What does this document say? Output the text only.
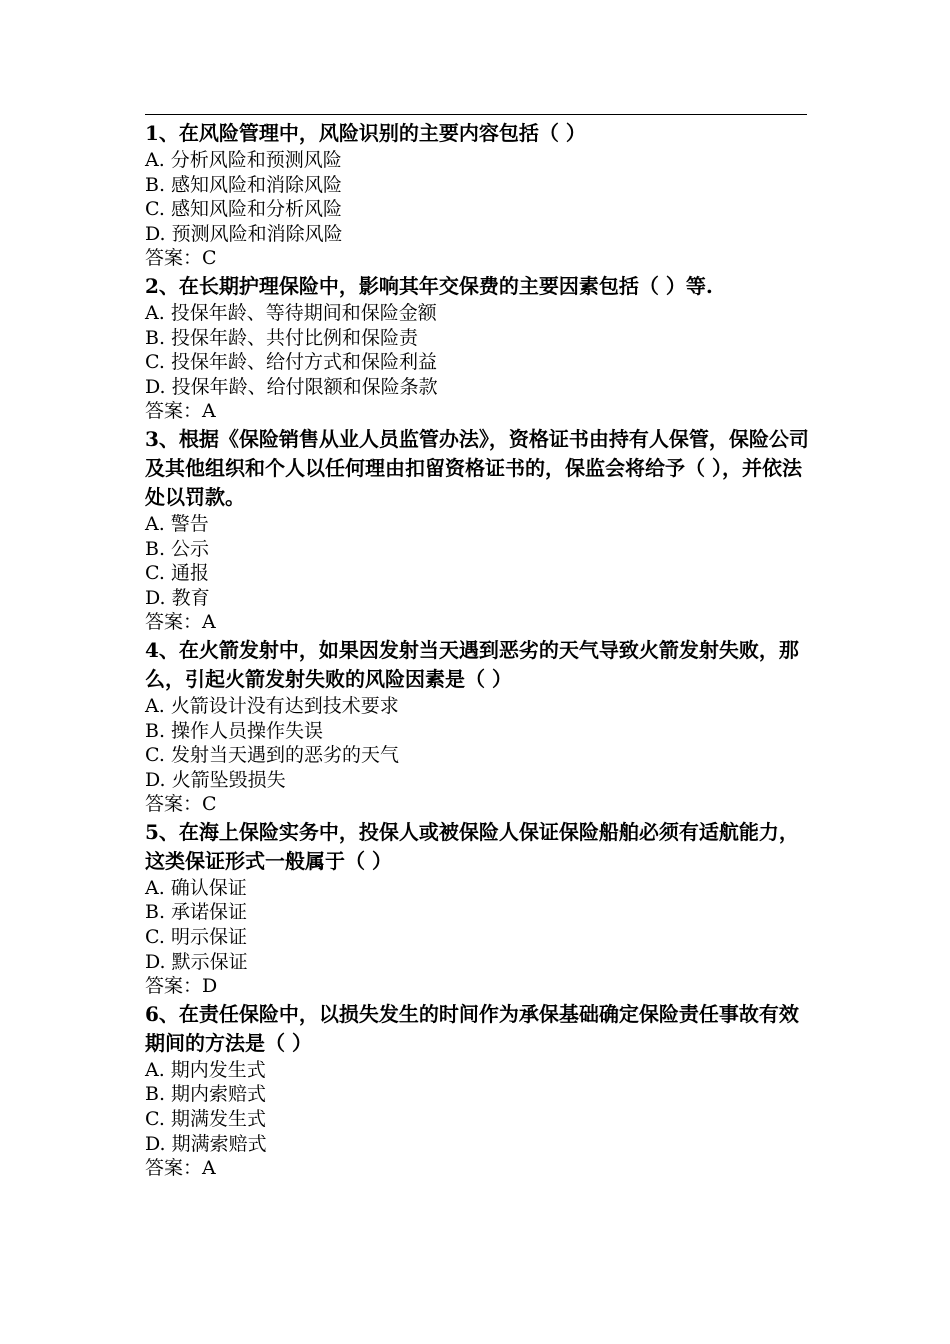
1、在风险管理中，风险识别的主要内容包括（ ）

A. 分析风险和预测风险

B. 感知风险和消除风险

C. 感知风险和分析风险

D. 预测风险和消除风险

答案：C

2、在长期护理保险中，影响其年交保费的主要因素包括（ ）等.

A. 投保年龄、等待期间和保险金额

B. 投保年龄、共付比例和保险责

C. 投保年龄、给付方式和保险利益

D. 投保年龄、给付限额和保险条款

答案：A

3、根据《保险销售从业人员监管办法》，资格证书由持有人保管，保险公司及其他组织和个人以任何理由扣留资格证书的，保监会将给予（ ），并依法处以罚款。

A. 警告

B. 公示

C. 通报

D. 教育

答案：A

4、在火箭发射中，如果因发射当天遇到恶劣的天气导致火箭发射失败，那么，引起火箭发射失败的风险因素是（ ）

A. 火箭设计没有达到技术要求

B. 操作人员操作失误

C. 发射当天遇到的恶劣的天气

D. 火箭坠毁损失

答案：C

5、在海上保险实务中，投保人或被保险人保证保险船舶必须有适航能力，这类保证形式一般属于（ ）

A. 确认保证

B. 承诺保证

C. 明示保证

D. 默示保证

答案：D

6、在责任保险中，以损失发生的时间作为承保基础确定保险责任事故有效期间的方法是（ ）

A. 期内发生式

B. 期内索赔式

C. 期满发生式

D. 期满索赔式

答案：A
